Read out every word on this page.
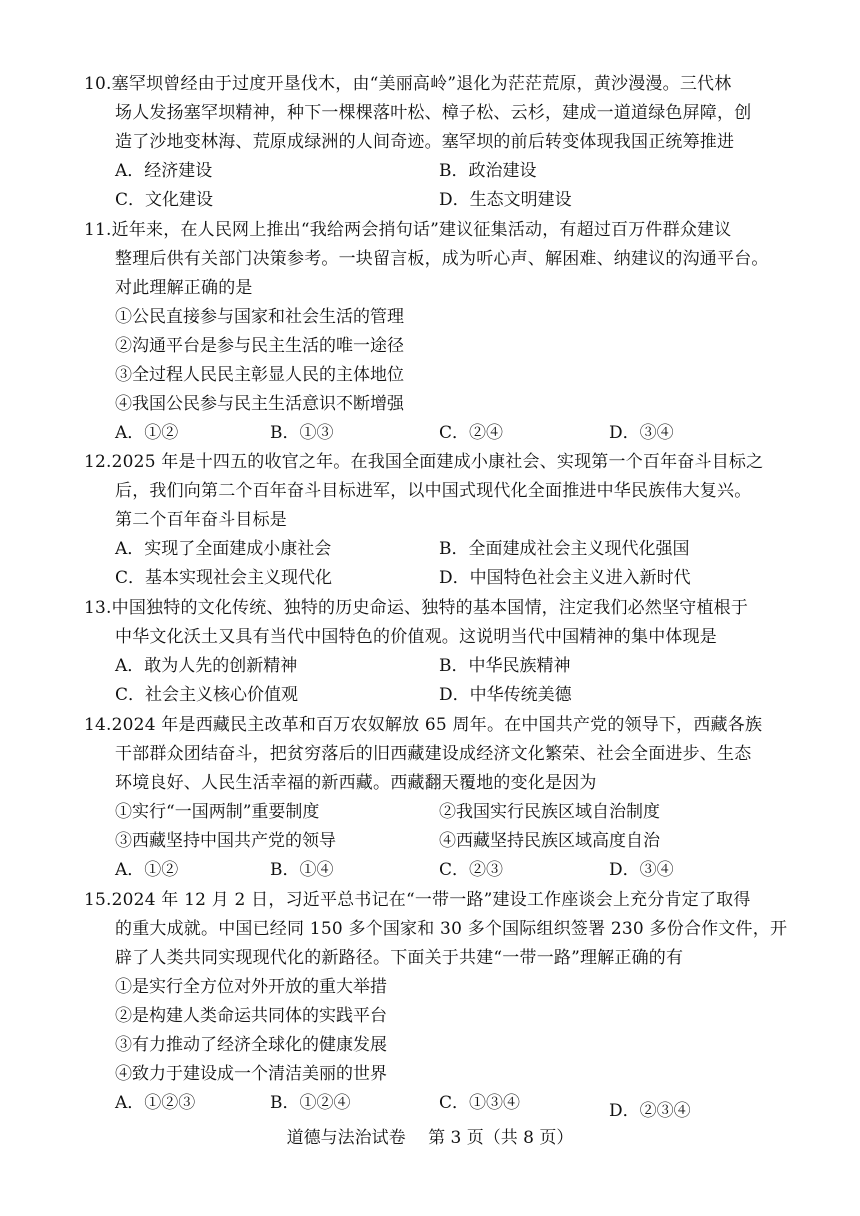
10.塞罕坝曾经由于过度开垦伐木，由“美丽高岭”退化为茫茫荒原，黄沙漫漫。三代林
场人发扬塞罕坝精神，种下一棵棵落叶松、樟子松、云杉，建成一道道绿色屏障，创
造了沙地变林海、荒原成绿洲的人间奇迹。塞罕坝的前后转变体现我国正统筹推进
A．经济建设	B．政治建设
C．文化建设	D．生态文明建设
11.近年来，在人民网上推出“我给两会捎句话”建议征集活动，有超过百万件群众建议
整理后供有关部门决策参考。一块留言板，成为听心声、解困难、纳建议的沟通平台。
对此理解正确的是
①公民直接参与国家和社会生活的管理
②沟通平台是参与民主生活的唯一途径
③全过程人民民主彰显人民的主体地位
④我国公民参与民主生活意识不断增强
A．①②	B．①③	C．②④	D．③④
12.2025 年是十四五的收官之年。在我国全面建成小康社会、实现第一个百年奋斗目标之
后，我们向第二个百年奋斗目标进军，以中国式现代化全面推进中华民族伟大复兴。
第二个百年奋斗目标是
A．实现了全面建成小康社会	B．全面建成社会主义现代化强国
C．基本实现社会主义现代化	D．中国特色社会主义进入新时代
13.中国独特的文化传统、独特的历史命运、独特的基本国情，注定我们必然坚守植根于
中华文化沃土又具有当代中国特色的价值观。这说明当代中国精神的集中体现是
A．敢为人先的创新精神	B．中华民族精神
C．社会主义核心价值观	D．中华传统美德
14.2024 年是西藏民主改革和百万农奴解放 65 周年。在中国共产党的领导下，西藏各族
干部群众团结奋斗，把贫穷落后的旧西藏建设成经济文化繁荣、社会全面进步、生态
环境良好、人民生活幸福的新西藏。西藏翻天覆地的变化是因为
①实行“一国两制”重要制度	②我国实行民族区域自治制度
③西藏坚持中国共产党的领导	④西藏坚持民族区域高度自治
A．①②	B．①④	C．②③	D．③④
15.2024 年 12 月 2 日，习近平总书记在“一带一路”建设工作座谈会上充分肯定了取得
的重大成就。中国已经同 150 多个国家和 30 多个国际组织签署 230 多份合作文件，开
辟了人类共同实现现代化的新路径。下面关于共建“一带一路”理解正确的有
①是实行全方位对外开放的重大举措
②是构建人类命运共同体的实践平台
③有力推动了经济全球化的健康发展
④致力于建设成一个清洁美丽的世界
A．①②③	B．①②④	C．①③④	D．②③④
道德与法治试卷　 第 3 页（共 8 页）
